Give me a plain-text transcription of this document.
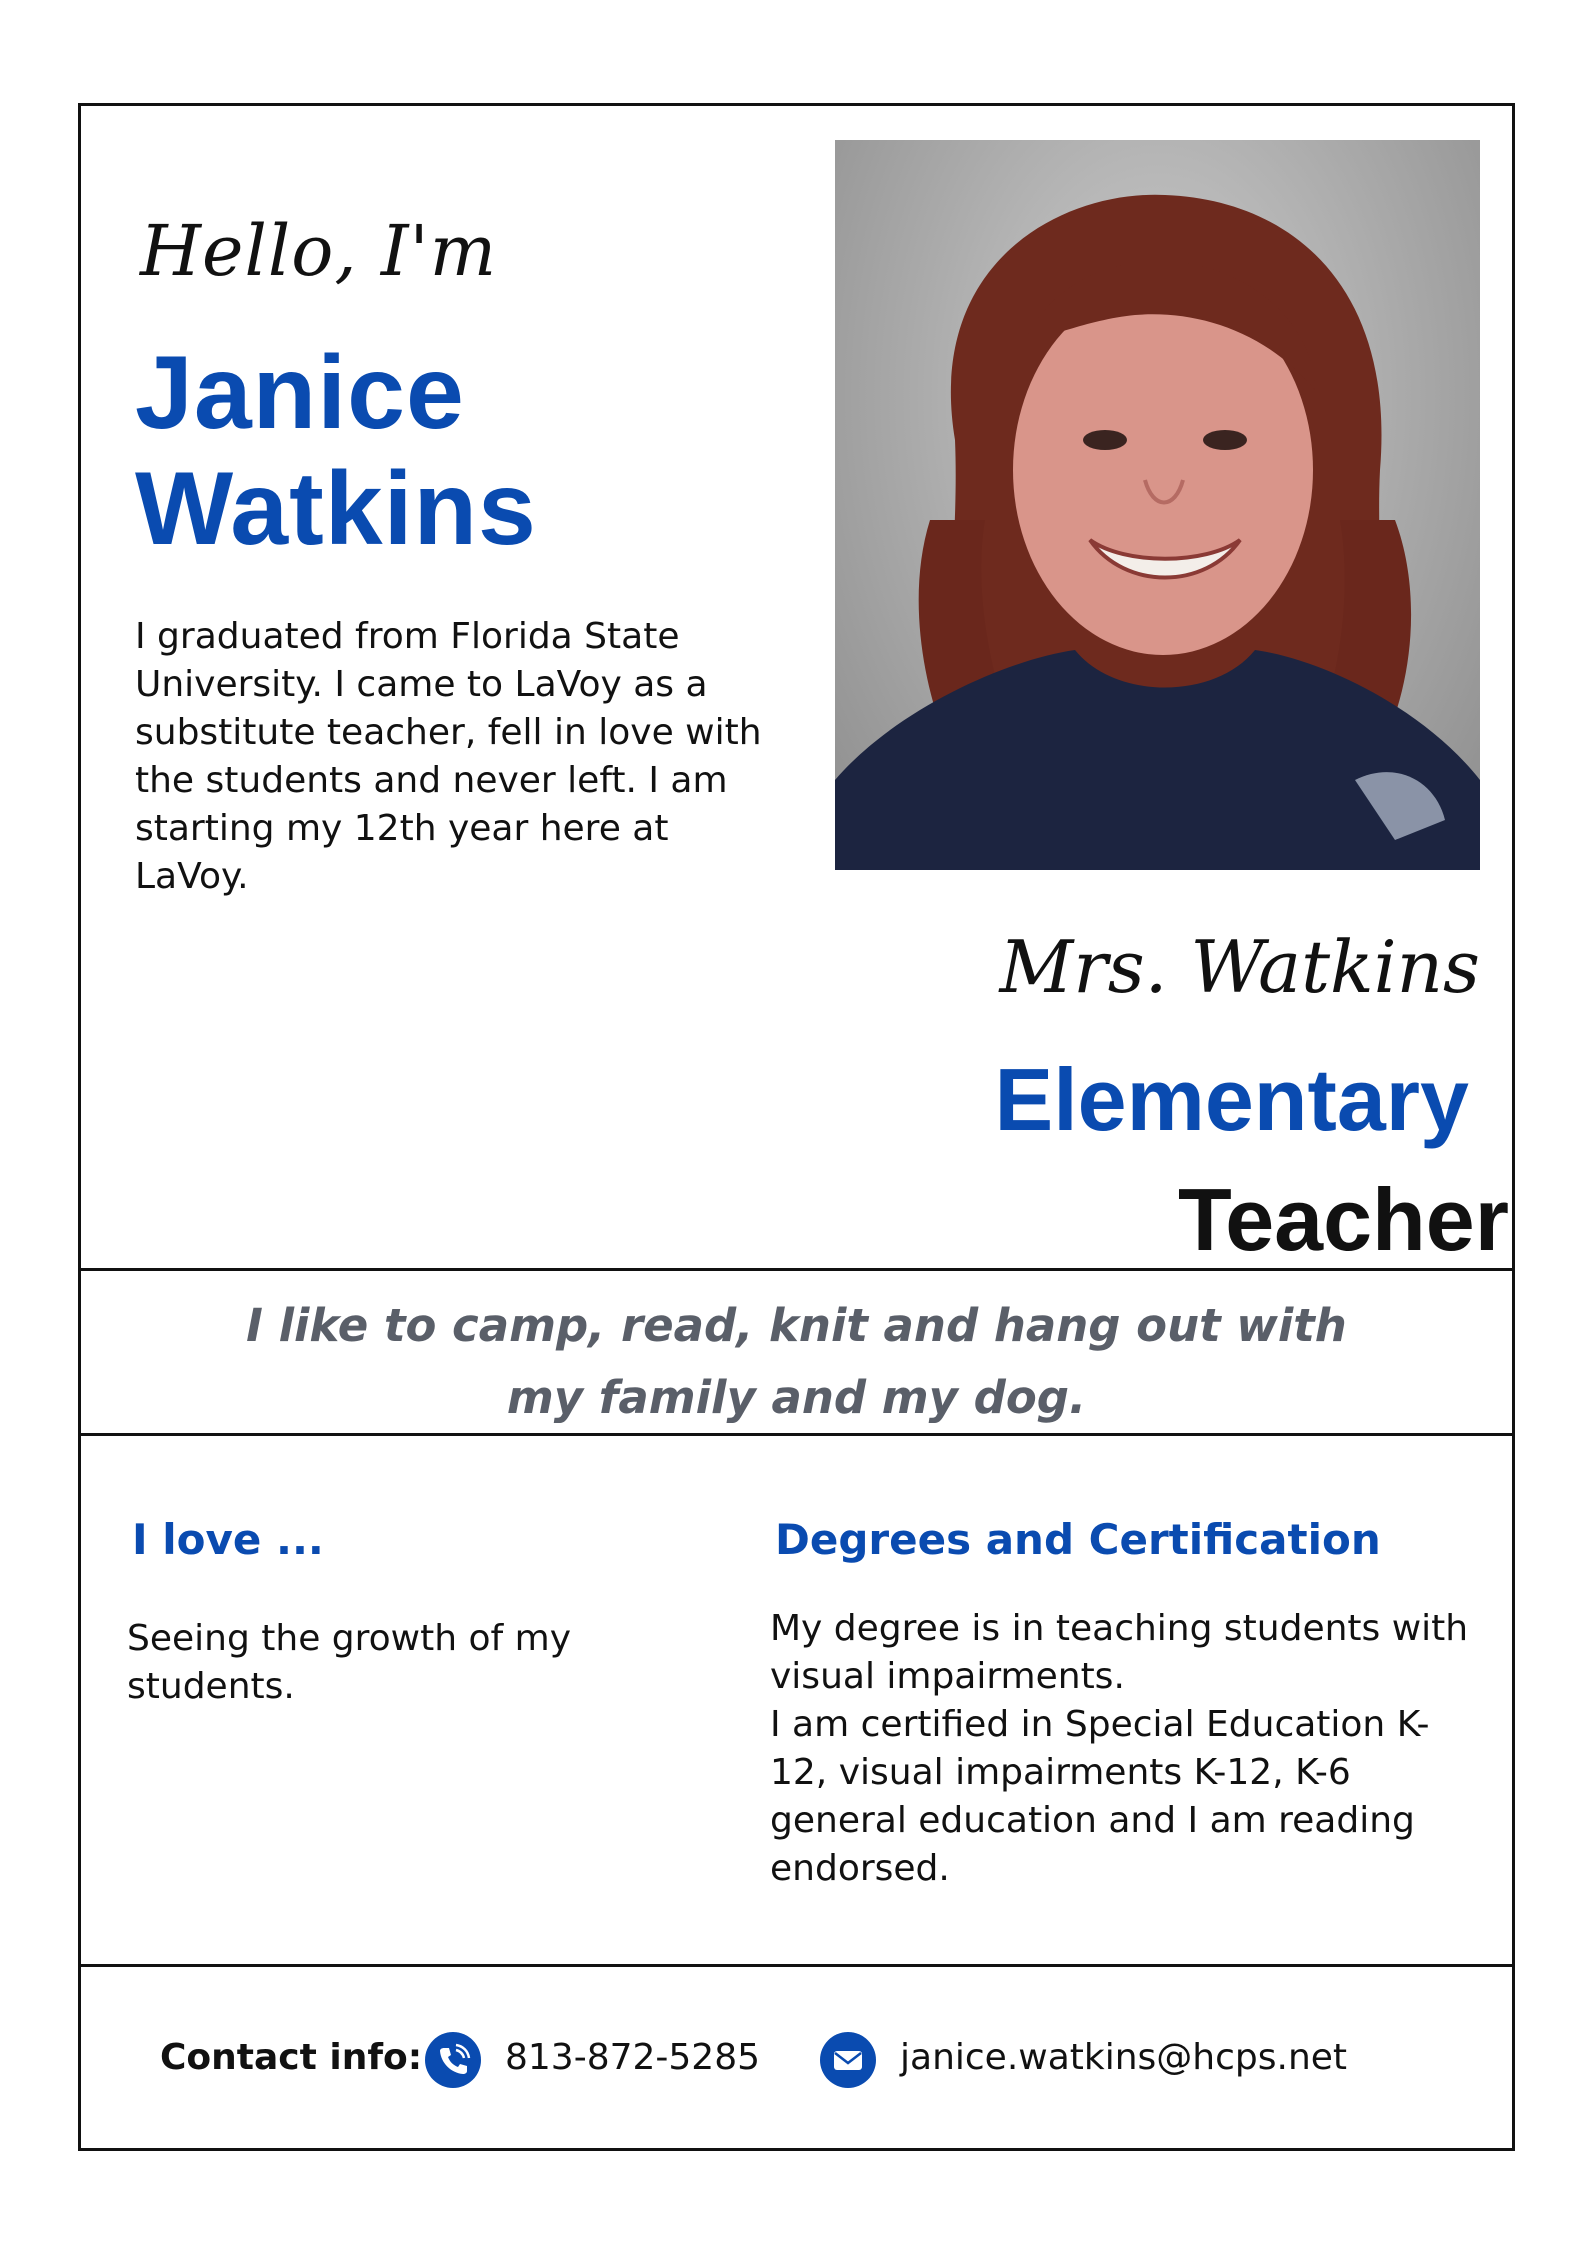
Hello, I'm
Janice
Watkins
I graduated from Florida State University. I came to LaVoy as a substitute teacher, fell in love with the students and never left. I am starting my 12th year here at LaVoy.
Mrs. Watkins
Elementary
Teacher
I like to camp, read, knit and hang out with
my family and my dog.
I love ...
Seeing the growth of my students.
Degrees and Certification
My degree is in teaching students with visual impairments.
I am certified in Special Education K-12, visual impairments K-12, K-6 general education and I am reading endorsed.
Contact info: 813-872-5285	janice.watkins@hcps.net
